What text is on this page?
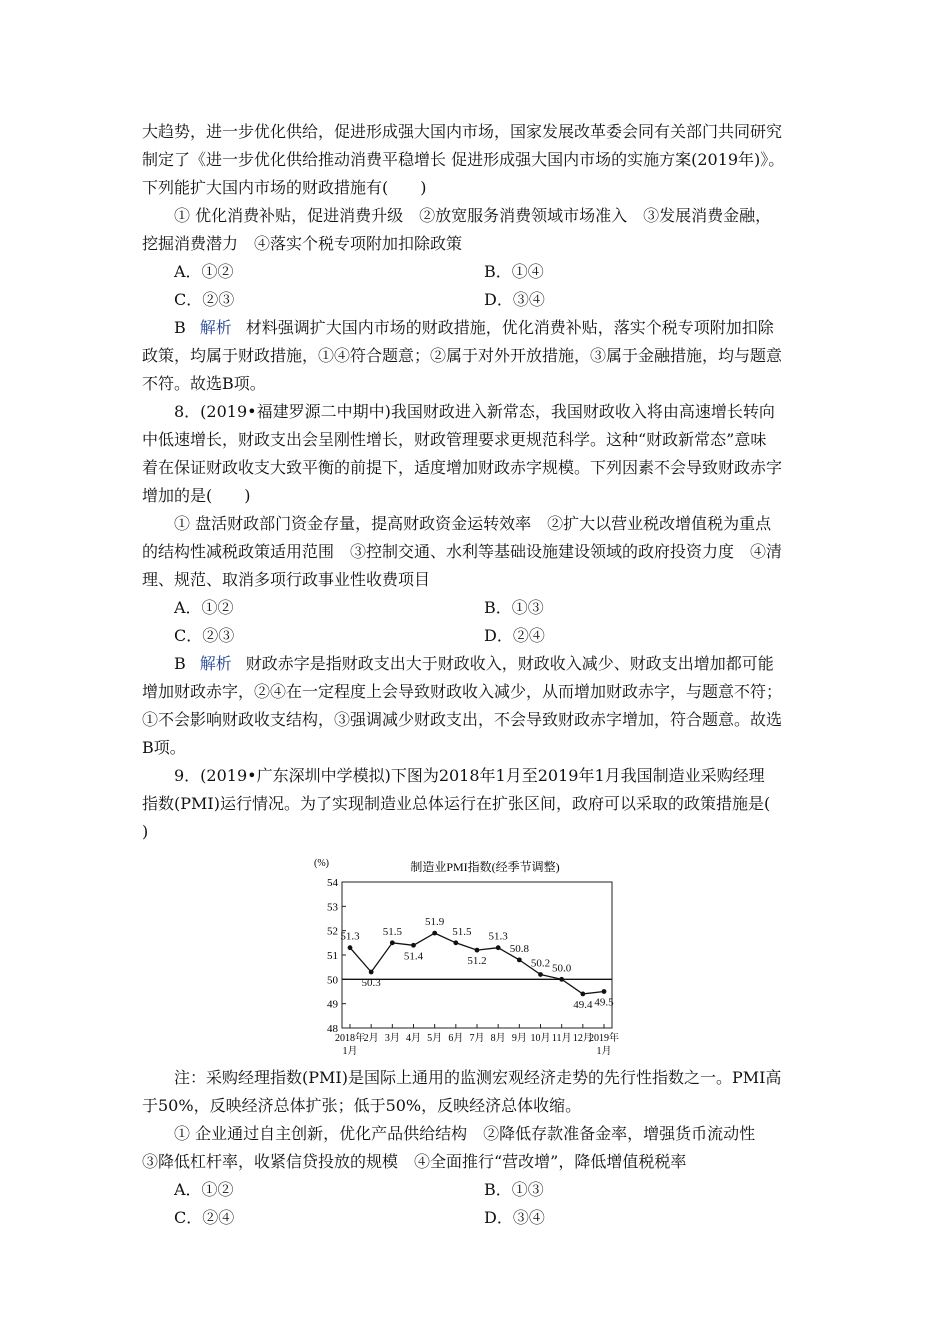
大趋势，进一步优化供给，促进形成强大国内市场，国家发展改革委会同有关部门共同研究
制定了《进一步优化供给推动消费平稳增长 促进形成强大国内市场的实施方案(2019年)》。
下列能扩大国内市场的财政措施有(　　)
① 优化消费补贴，促进消费升级　②放宽服务消费领域市场准入　③发展消费金融，
挖掘消费潜力　④落实个税专项附加扣除政策
A．①②	B．①④
C．②③	D．③④
B 解析 材料强调扩大国内市场的财政措施，优化消费补贴，落实个税专项附加扣除
政策，均属于财政措施，①④符合题意；②属于对外开放措施，③属于金融措施，均与题意
不符。故选B项。
8．(2019•福建罗源二中期中)我国财政进入新常态，我国财政收入将由高速增长转向
中低速增长，财政支出会呈刚性增长，财政管理要求更规范科学。这种“财政新常态”意味
着在保证财政收支大致平衡的前提下，适度增加财政赤字规模。下列因素不会导致财政赤字
增加的是(　　)
① 盘活财政部门资金存量，提高财政资金运转效率　②扩大以营业税改增值税为重点
的结构性减税政策适用范围　③控制交通、水利等基础设施建设领域的政府投资力度　④清
理、规范、取消多项行政事业性收费项目
A．①②	B．①③
C．②③	D．②④
B 解析 财政赤字是指财政支出大于财政收入，财政收入减少、财政支出增加都可能
增加财政赤字，②④在一定程度上会导致财政收入减少，从而增加财政赤字，与题意不符；
①不会影响财政收支结构，③强调减少财政支出，不会导致财政赤字增加，符合题意。故选
B项。
9．(2019•广东深圳中学模拟)下图为2018年1月至2019年1月我国制造业采购经理
指数(PMI)运行情况。为了实现制造业总体运行在扩张区间，政府可以采取的政策措施是(
)
制造业PMI指数(经季节调整)
(%)
48
49
50
51
52
53
54
2018年
1月
2月 3月 4月 5月 6月 7月 8月 9月 10月 11月 12月
2019年
1月
51.3
50.3
51.5
51.4
51.9
51.5
51.2
51.3
50.8
50.2 50.0
49.4 49.5
注：采购经理指数(PMI)是国际上通用的监测宏观经济走势的先行性指数之一。PMI高
于50%，反映经济总体扩张；低于50%，反映经济总体收缩。
① 企业通过自主创新，优化产品供给结构　②降低存款准备金率，增强货币流动性
③降低杠杆率，收紧信贷投放的规模　④全面推行“营改增”，降低增值税税率
A．①②	B．①③
C．②④	D．③④
